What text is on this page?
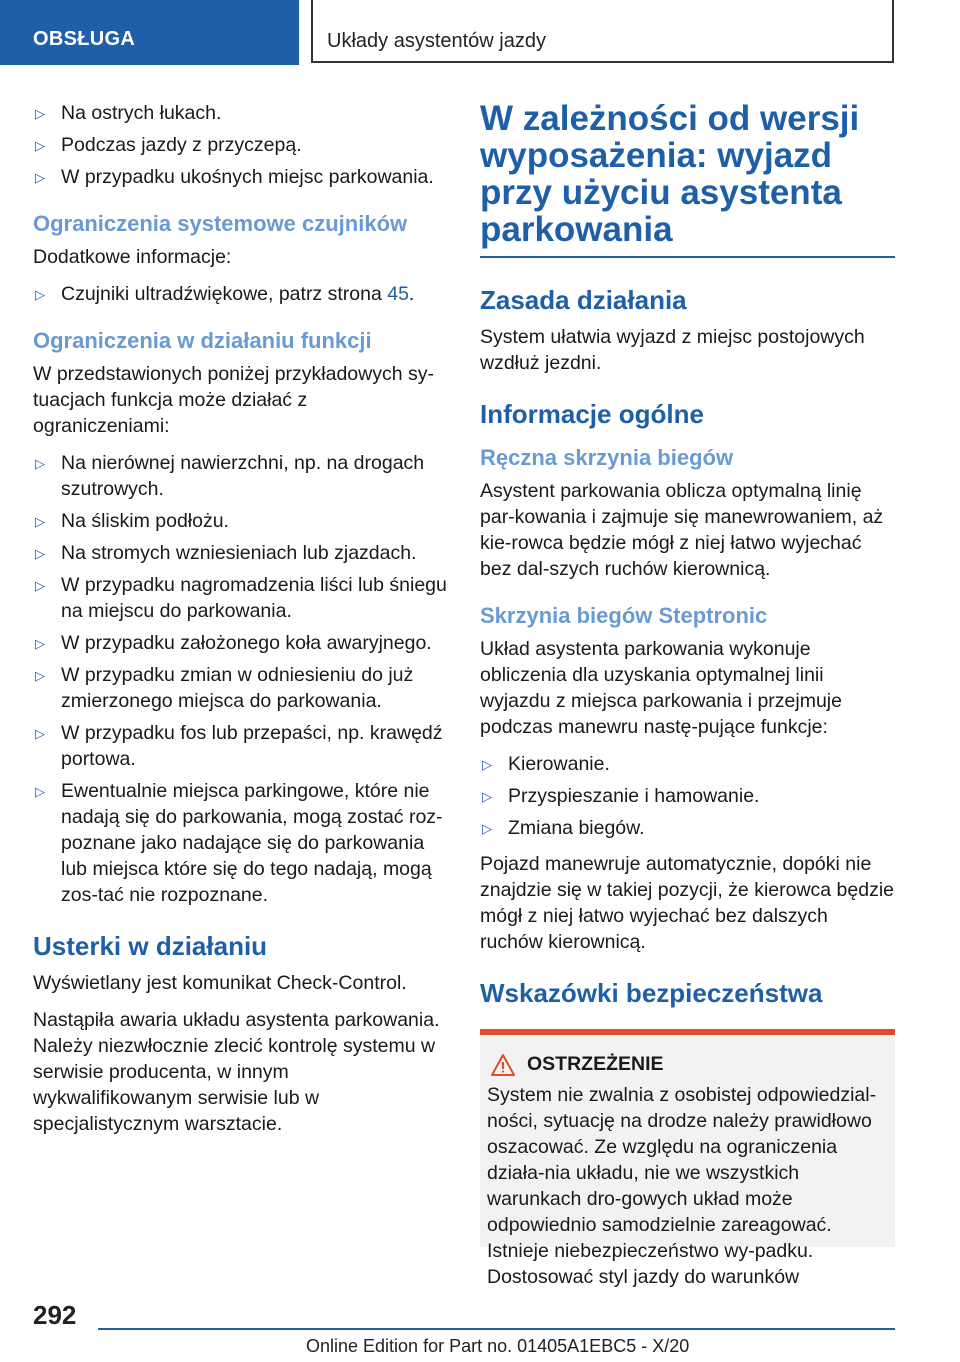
OBSŁUGA	Układy asystentów jazdy
▷ Na ostrych łukach.
▷ Podczas jazdy z przyczepą.
▷ W przypadku ukośnych miejsc parkowania.
Ograniczenia systemowe czujników

Dodatkowe informacje:

▷ Czujniki ultradźwiękowe, patrz strona 45.
Ograniczenia w działaniu funkcji

W przedstawionych poniżej przykładowych sy-tuacjach funkcja może działać z ograniczeniami:

▷ Na nierównej nawierzchni, np. na drogach szutrowych.
▷ Na śliskim podłożu.
▷ Na stromych wzniesieniach lub zjazdach.
▷ W przypadku nagromadzenia liści lub śniegu na miejscu do parkowania.
▷ W przypadku założonego koła awaryjnego.
▷ W przypadku zmian w odniesieniu do już zmierzonego miejsca do parkowania.
▷ W przypadku fos lub przepaści, np. krawędź portowa.
▷ Ewentualnie miejsca parkingowe, które nie nadają się do parkowania, mogą zostać roz-poznane jako nadające się do parkowania lub miejsca które się do tego nadają, mogą zos-tać nie rozpoznane.
Usterki w działaniu

Wyświetlany jest komunikat Check-Control.

Nastąpiła awaria układu asystenta parkowania. Należy niezwłocznie zlecić kontrolę systemu w serwisie producenta, w innym wykwalifikowanym serwisie lub w specjalistycznym warsztacie.

W zależności od wersji wyposażenia: wyjazd przy użyciu asystenta parkowania
Zasada działania

System ułatwia wyjazd z miejsc postojowych wzdłuż jezdni.

Informacje ogólne
Ręczna skrzynia biegów

Asystent parkowania oblicza optymalną linię par-kowania i zajmuje się manewrowaniem, aż kie-rowca będzie mógł z niej łatwo wyjechać bez dal-szych ruchów kierownicą.

Skrzynia biegów Steptronic

Układ asystenta parkowania wykonuje obliczenia dla uzyskania optymalnej linii wyjazdu z miejsca parkowania i przejmuje podczas manewru nastę-pujące funkcje:

▷ Kierowanie.
▷ Przyspieszanie i hamowanie.
▷ Zmiana biegów.

Pojazd manewruje automatycznie, dopóki nie znajdzie się w takiej pozycji, że kierowca będzie mógł z niej łatwo wyjechać bez dalszych ruchów kierownicą.

Wskazówki bezpieczeństwa
OSTRZEŻENIE

System nie zwalnia z osobistej odpowiedzial-ności, sytuację na drodze należy prawidłowo oszacować. Ze względu na ograniczenia działa-nia układu, nie we wszystkich warunkach dro-gowych układ może odpowiednio samodzielnie zareagować. Istnieje niebezpieczeństwo wy-padku. Dostosować styl jazdy do warunków

292
Online Edition for Part no. 01405A1EBC5 - X/20
